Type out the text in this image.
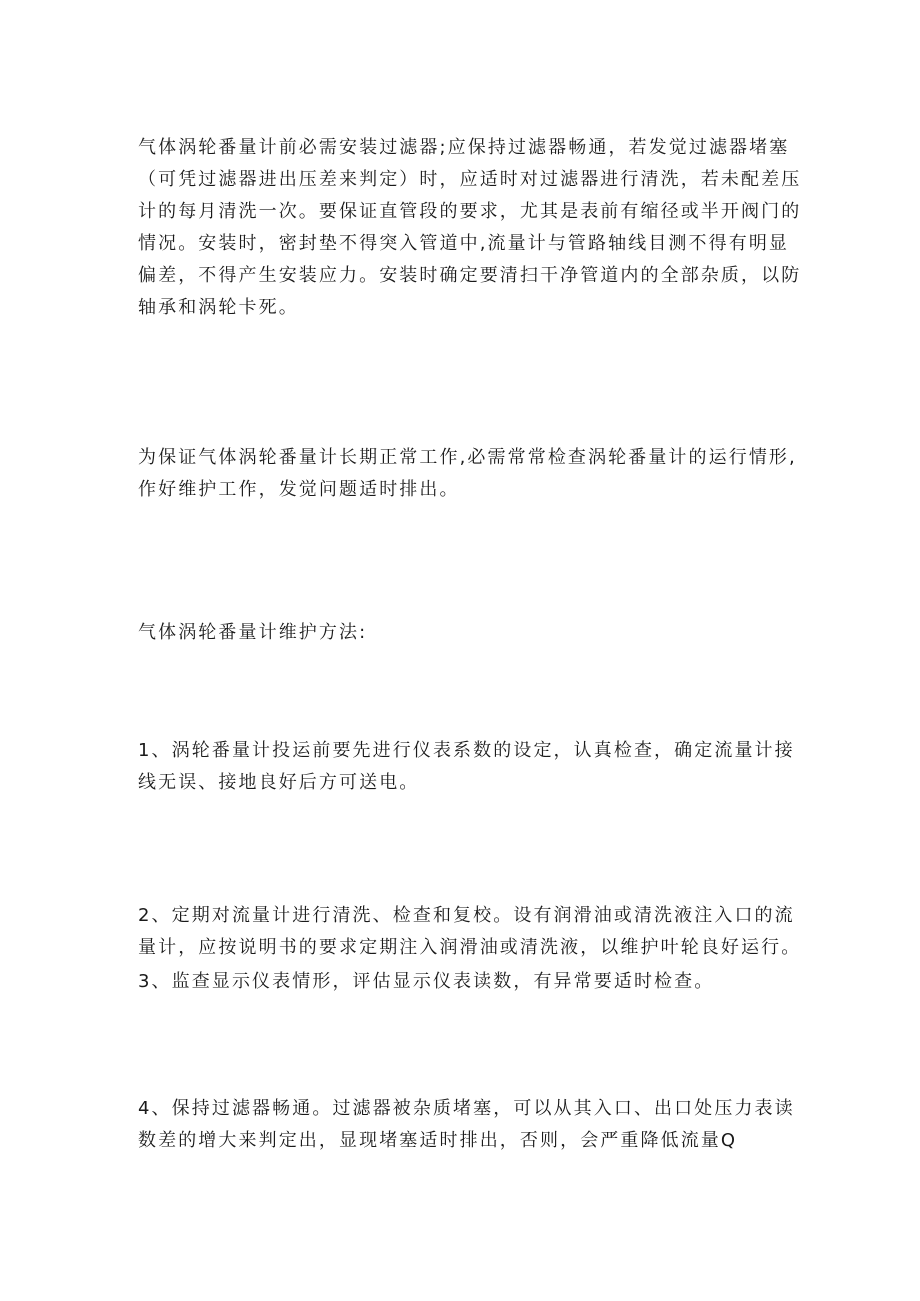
气体涡轮番量计前必需安装过滤器;应保持过滤器畅通，若发觉过滤器堵塞（可凭过滤器进出压差来判定）时，应适时对过滤器进行清洗，若未配差压计的每月清洗一次。要保证直管段的要求，尤其是表前有缩径或半开阀门的情况。安装时，密封垫不得突入管道中,流量计与管路轴线目测不得有明显偏差，不得产生安装应力。安装时确定要清扫干净管道内的全部杂质，以防轴承和涡轮卡死。

为保证气体涡轮番量计长期正常工作,必需常常检查涡轮番量计的运行情形,作好维护工作，发觉问题适时排出。

气体涡轮番量计维护方法:

1、涡轮番量计投运前要先进行仪表系数的设定，认真检查，确定流量计接线无误、接地良好后方可送电。

2、定期对流量计进行清洗、检查和复校。设有润滑油或清洗液注入口的流量计，应按说明书的要求定期注入润滑油或清洗液，以维护叶轮良好运行。

3、监查显示仪表情形，评估显示仪表读数，有异常要适时检查。

4、保持过滤器畅通。过滤器被杂质堵塞，可以从其入口、出口处压力表读数差的增大来判定出，显现堵塞适时排出，否则，会严重降低流量Q
